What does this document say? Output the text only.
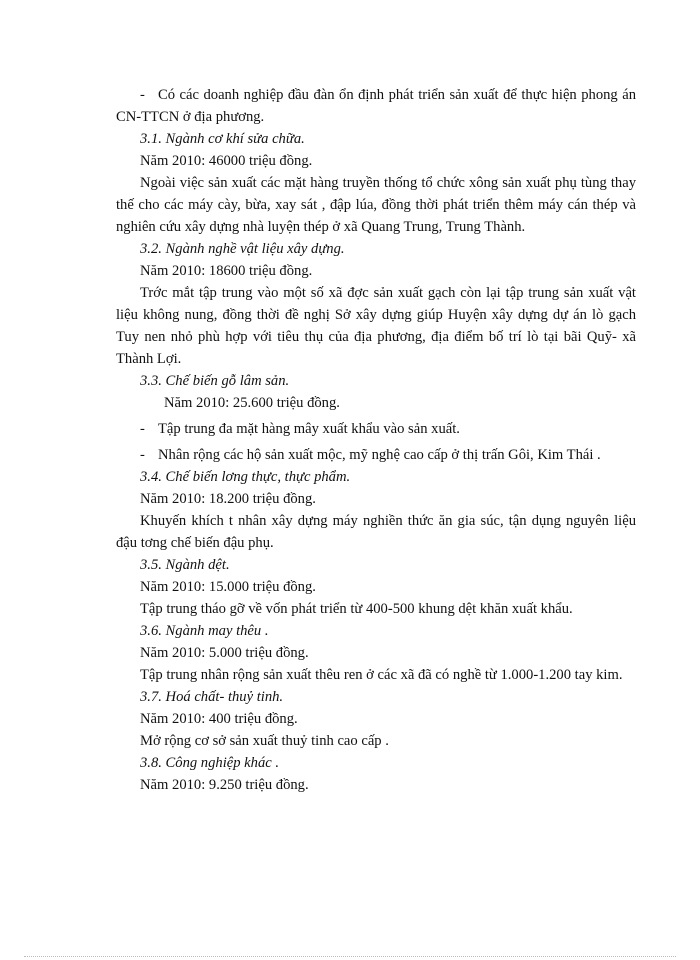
- Có các doanh nghiệp đầu đàn ổn định phát triển sản xuất để thực hiện phong án CN-TTCN ở địa phương.

3.1. Ngành cơ khí sửa chữa.

Năm 2010: 46000 triệu đồng.

Ngoài việc sản xuất các mặt hàng truyền thống tổ chức xông sản xuất phụ tùng thay thế cho các máy cày, bừa, xay sát , đập lúa, đồng thời phát triển thêm máy cán thép và nghiên cứu xây dựng nhà luyện thép ở xã Quang Trung, Trung Thành.

3.2. Ngành nghề vật liệu xây dựng.

Năm 2010: 18600 triệu đồng.

Trớc mắt tập trung vào một số xã đợc sản xuất gạch còn lại tập trung sản xuất vật liệu không nung, đồng thời đề nghị Sở xây dựng giúp Huyện xây dựng dự án lò gạch Tuy nen nhỏ phù hợp với tiêu thụ của địa phương, địa điểm bố trí lò tại bãi Quỹ- xã Thành Lợi.

3.3. Chế biến gỗ lâm sản.

Năm 2010: 25.600 triệu đồng.

- Tập trung đa mặt hàng mây xuất khẩu vào sản xuất.

- Nhân rộng các hộ sản xuất mộc, mỹ nghệ cao cấp ở thị trấn Gôi, Kim Thái .

3.4. Chế biến lơng thực, thực phẩm.

Năm 2010: 18.200 triệu đồng.

Khuyến khích t nhân xây dựng máy nghiền thức ăn gia súc, tận dụng nguyên liệu đậu tơng chế biến đậu phụ.

3.5. Ngành dệt.

Năm 2010: 15.000 triệu đồng.

Tập trung tháo gỡ về vốn phát triển từ 400-500 khung dệt khăn xuất khẩu.

3.6. Ngành may thêu .

Năm 2010: 5.000 triệu đồng.

Tập trung nhân rộng sản xuất thêu ren ở các xã đã có nghề từ 1.000-1.200 tay kim.

3.7. Hoá chất- thuỷ tinh.

Năm 2010: 400 triệu đồng.

Mở rộng cơ sở sản xuất thuỷ tinh cao cấp .

3.8. Công nghiệp khác .

Năm 2010: 9.250 triệu đồng.
